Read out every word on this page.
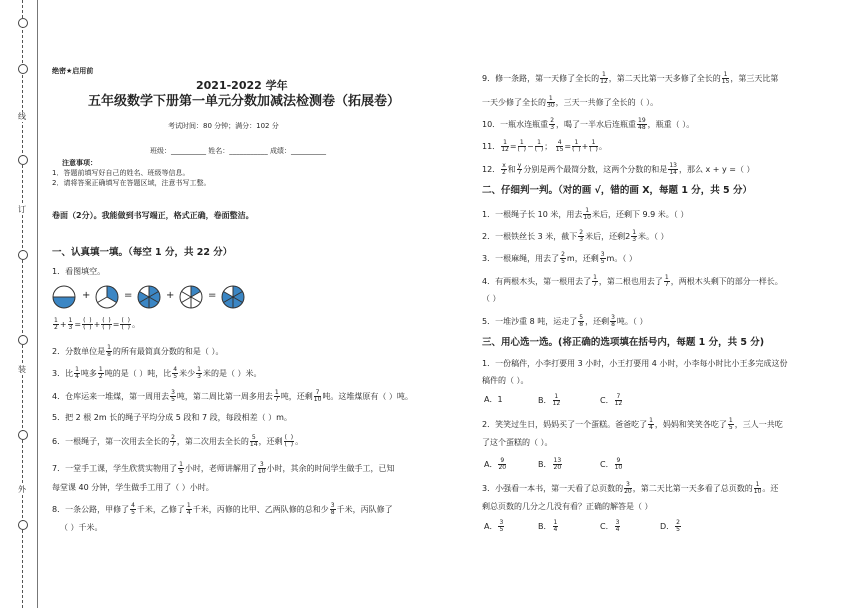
线
订
装
外
绝密★启用前
2021-2022 学年
五年级数学下册第一单元分数加减法检测卷（拓展卷）
考试时间：80 分钟；满分：102 分
班级：__________ 姓名：___________ 成绩：__________
注意事项：
1．答题前填写好自己的姓名、班级等信息。
2．请将答案正确填写在答题区域，注意书写工整。
卷面（2分）。我能做到书写端正，格式正确，卷面整洁。
一、认真填一填。（每空 1 分，共 22 分）
1．看图填空。
+	=	+	=
$\frac{1}{2} + \frac{1}{3}$ = (  )
(  ) + (  )
(  ) = (  )
(  ) 。
2．分数单位是 $\frac{1}{8}$ 的所有最简真分数的和是（ ）。
3．比 $\frac{1}{4}$ 吨多 $\frac{1}{2}$ 吨的是（ ）吨，比 $\frac{4}{5}$ 米少 $\frac{1}{3}$ 米的是（ ）米。
4．仓库运来一堆煤，第一周用去 $\frac{3}{5}$ 吨，第二周比第一周多用去 $\frac{1}{7}$ 吨，还剩 $\frac{7}{10}$ 吨。这堆煤原有（ ）吨。
5．把 2 根 2m 长的绳子平均分成 5 段和 7 段，每段相差（ ）m。
6．一根绳子，第一次用去全长的 $\frac{2}{7}$ ，第二次用去全长的 $\frac{5}{14}$ ，还剩 (  )
(  ) 。
7．一堂手工课，学生欣赏实物用了 $\frac{1}{5}$ 小时，老师讲解用了 $\frac{3}{10}$ 小时，其余的时间学生做手工，已知
每堂课 40 分钟，学生做手工用了（ ）小时。
8．一条公路，甲修了 $\frac{4}{5}$ 千米，乙修了 $\frac{1}{4}$ 千米，丙修的比甲、乙两队修的总和少 $\frac{3}{8}$ 千米，丙队修了
（ ）千米。
9．修一条路，第一天修了全长的 $\frac{1}{12}$ ，第二天比第一天多修了全长的 $\frac{1}{15}$ ，第三天比第
一天少修了全长的 $\frac{1}{30}$ ，三天一共修了全长的（ ）。
10．一瓶水连瓶重 $\frac{2}{3}$ ，喝了一半水后连瓶重 $\frac{19}{48}$ ，瓶重（ ）。
11． $\frac{1}{12} = 1$
(  ) − 1
(  ) ； $\frac{4}{15} = 1$
(  ) + 1
(  ) 。
12． $\frac{x}{2}$ 和 $\frac{y}{7}$ 分别是两个最简分数，这两个分数的和是 $\frac{13}{14}$ ，那么 x + y =（ ）
二、仔细判一判。（对的画 √，错的画 X，每题 1 分，共 5 分）
1．一根绳子长 10 米，用去 $\frac{1}{10}$ 米后，还剩下 9.9 米。（ ）
2．一根铁丝长 3 米，截下 $\frac{2}{3}$ 米后，还剩$2 \frac{1}{3}$ 米。（ ）
3．一根麻绳，用去了 $\frac{2}{5}$ m，还剩 $\frac{3}{5}$ m。（ ）
4．有两根木头，第一根用去了 $\frac{1}{7}$ ，第二根也用去了 $\frac{1}{7}$ ，两根木头剩下的部分一样长。
（ ）
5．一堆沙重 8 吨，运走了 $\frac{5}{8}$ ，还剩 $\frac{3}{8}$ 吨。（ ）
三、用心选一选。(将正确的选项填在括号内，每题 1 分，共 5 分)
1．一份稿件，小李打要用 3 小时，小王打要用 4 小时，小李每小时比小王多完成这份
稿件的（ ）。
A．1	B． $\frac{1}{12}$	C． $\frac{7}{12}$
2．笑笑过生日，妈妈买了一个蛋糕。爸爸吃了 $\frac{1}{4}$ ，妈妈和笑笑各吃了 $\frac{1}{5}$ ，三人一共吃
了这个蛋糕的（ ）。
A． $\frac{9}{20}$	B． $\frac{13}{20}$	C． $\frac{9}{10}$
3．小强看一本书，第一天看了总页数的 $\frac{3}{20}$ ，第二天比第一天多看了总页数的 $\frac{1}{10}$ 。还
剩总页数的几分之几没有看？正确的解答是（ ）
A． $\frac{3}{5}$	B． $\frac{1}{4}$	C． $\frac{3}{4}$	D． $\frac{2}{5}$
